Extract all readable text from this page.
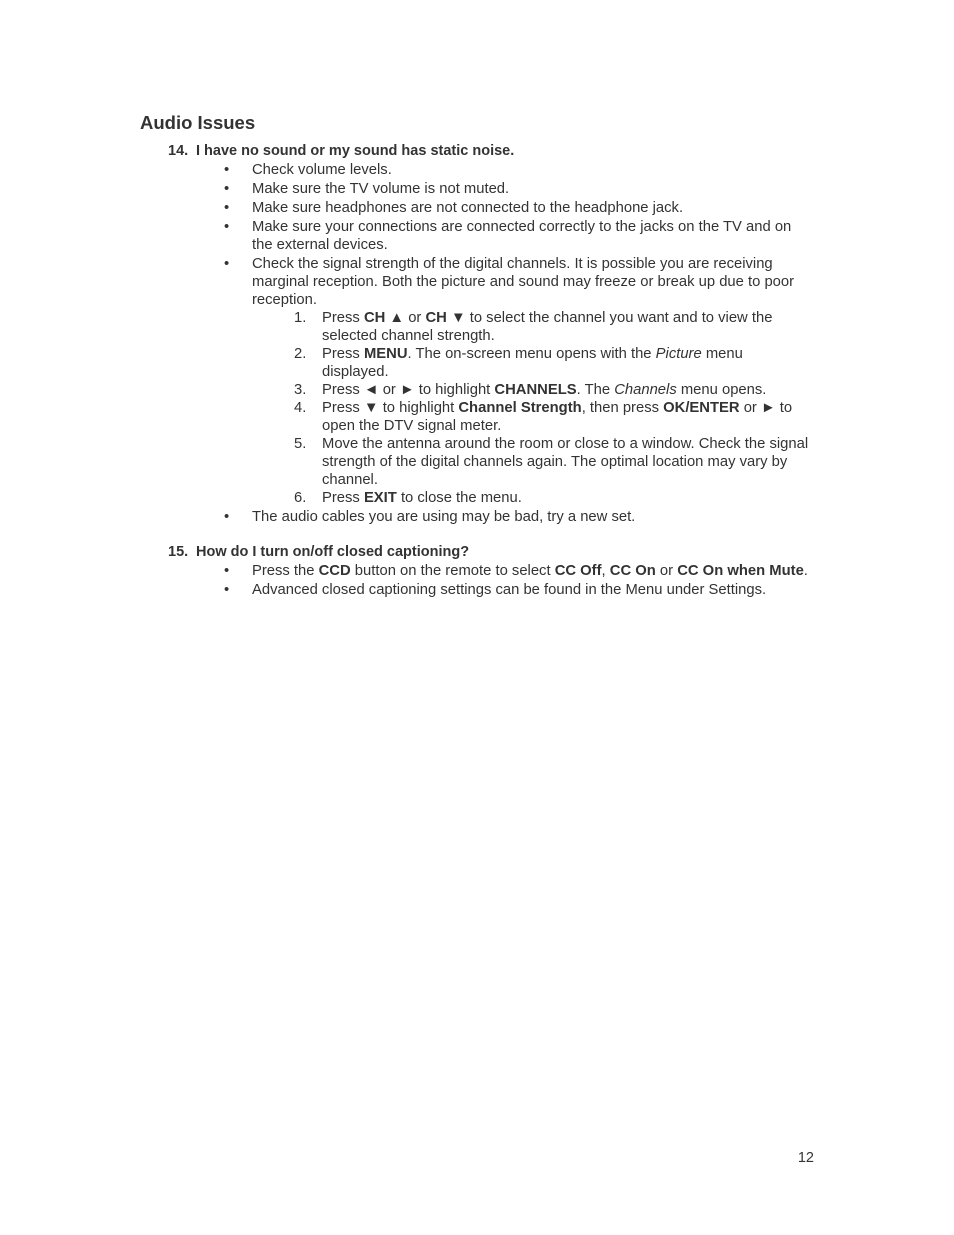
Audio Issues

14. I have no sound or my sound has static noise.

•	Check volume levels.
•	Make sure the TV volume is not muted.
•	Make sure headphones are not connected to the headphone jack.
•	Make sure your connections are connected correctly to the jacks on the TV and on the external devices.
•	Check the signal strength of the digital channels. It is possible you are receiving marginal reception. Both the picture and sound may freeze or break up due to poor reception.
1. Press CH ▲ or CH ▼ to select the channel you want and to view the selected channel strength.
2. Press MENU. The on-screen menu opens with the Picture menu displayed.
3. Press ◄ or ► to highlight CHANNELS. The Channels menu opens.
4. Press ▼ to highlight Channel Strength, then press OK/ENTER or ► to open the DTV signal meter.
5. Move the antenna around the room or close to a window. Check the signal strength of the digital channels again. The optimal location may vary by channel.
6. Press EXIT to close the menu.
•	The audio cables you are using may be bad, try a new set.

15. How do I turn on/off closed captioning?

•	Press the CCD button on the remote to select CC Off, CC On or CC On when Mute.
•	Advanced closed captioning settings can be found in the Menu under Settings.
12
